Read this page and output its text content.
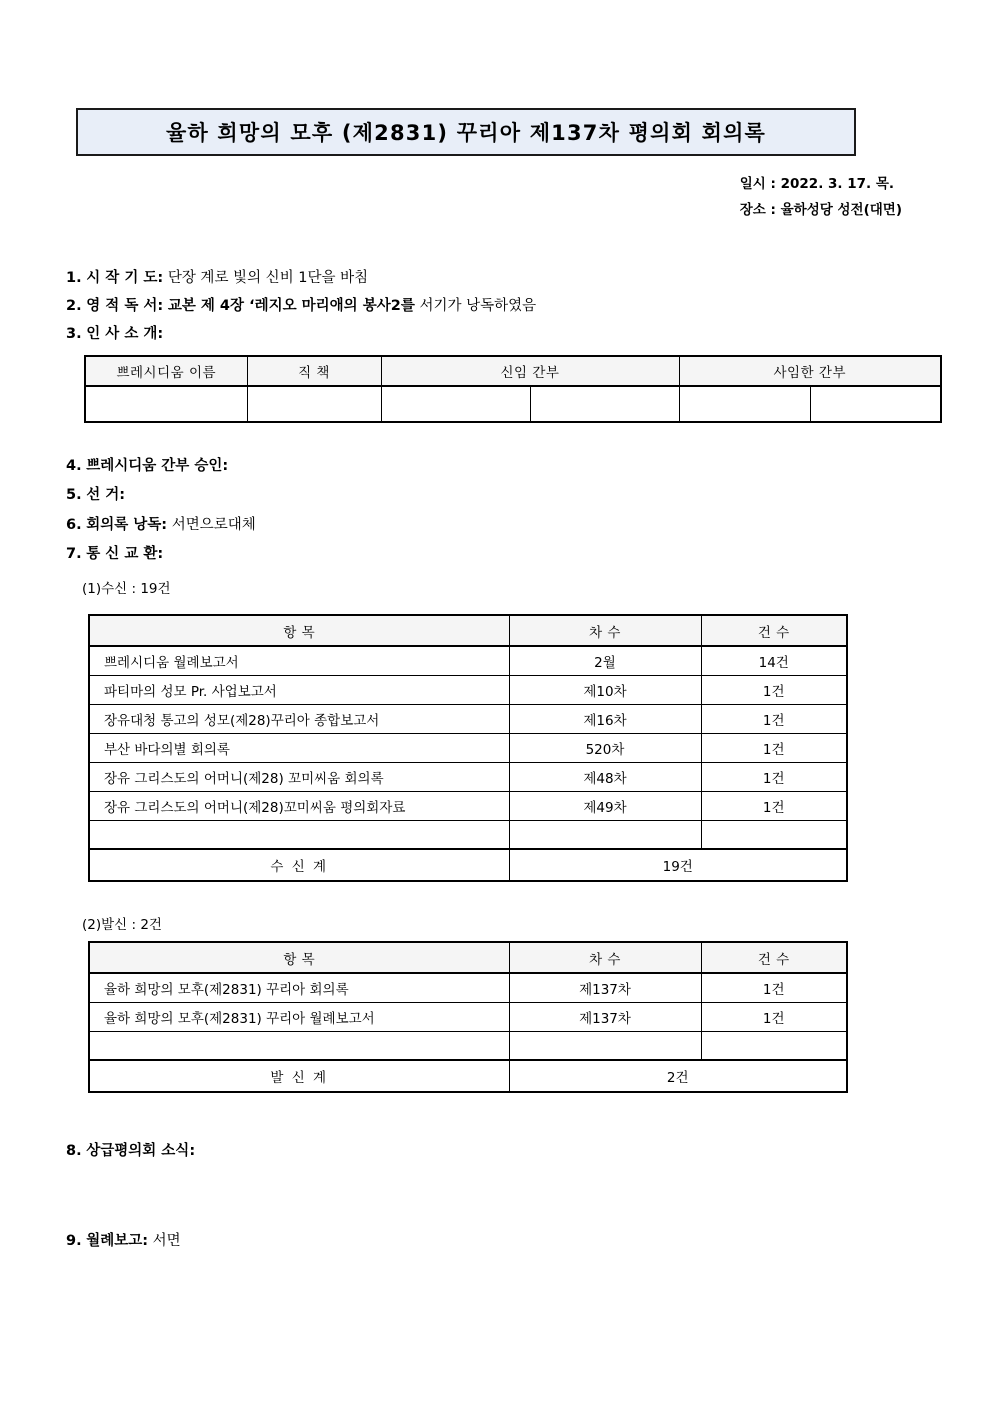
율하 희망의 모후 (제2831) 꾸리아 제137차 평의회 회의록
일시 : 2022. 3. 17. 목.
장소 : 율하성당 성전(대면)
1. 시 작 기 도: 단장 계로 빛의 신비 1단을 바침
2. 영 적 독 서: 교본 제 4장 ‘레지오 마리애의 봉사2를 서기가 낭독하였음
3. 인 사 소 개:
쁘레시디움 이름	직 책	신임 간부		사임한 간부	

4. 쁘레시디움 간부 승인:
5. 선 거:
6. 회의록 낭독: 서면으로대체
7. 통 신 교 환:
(1)수신 : 19건
항 목	차 수	건 수
쁘레시디움 월례보고서	2월	14건
파티마의 성모 Pr. 사업보고서	제10차	1건
장유대청 통고의 성모(제28)꾸리아 종합보고서	제16차	1건
부산 바다의별 회의록	520차	1건
장유 그리스도의 어머니(제28) 꼬미씨움 회의록	제48차	1건
장유 그리스도의 어머니(제28)꼬미씨움 평의회자료	제49차	1건

수 신 계	19건	
(2)발신 : 2건
항 목	차 수	건 수
율하 희망의 모후(제2831) 꾸리아 회의록	제137차	1건
율하 희망의 모후(제2831) 꾸리아 월례보고서	제137차	1건

발 신 계	2건	
8. 상급평의회 소식:
9. 월례보고: 서면
